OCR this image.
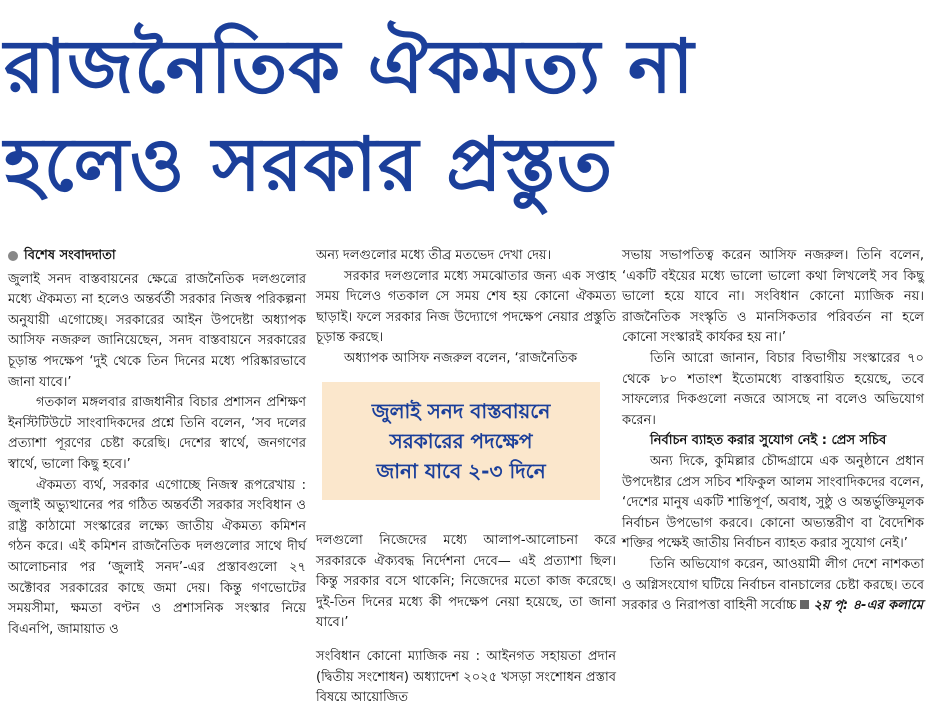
রাজনৈতিক ঐকমত্য না
হলেও সরকার প্রস্তুত

বিশেষ সংবাদদাতা

জুলাই সনদ বাস্তবায়নের ক্ষেত্রে রাজনৈতিক দলগুলোর মধ্যে ঐকমত্য না হলেও অন্তর্বর্তী সরকার নিজস্ব পরিকল্পনা অনুযায়ী এগোচ্ছে। সরকারের আইন উপদেষ্টা অধ্যাপক আসিফ নজরুল জানিয়েছেন, সনদ বাস্তবায়নে সরকারের চূড়ান্ত পদক্ষেপ ‘দুই থেকে তিন দিনের মধ্যে পরিষ্কারভাবে জানা যাবে।’

গতকাল মঙ্গলবার রাজধানীর বিচার প্রশাসন প্রশিক্ষণ ইনস্টিটিউটে সাংবাদিকদের প্রশ্নে তিনি বলেন, ‘সব দলের প্রত্যাশা পূরণের চেষ্টা করেছি। দেশের স্বার্থে, জনগণের স্বার্থে, ভালো কিছু হবে।’

ঐকমত্য ব্যর্থ, সরকার এগোচ্ছে নিজস্ব রূপরেখায় : জুলাই অভ্যুত্থানের পর গঠিত অন্তর্বর্তী সরকার সংবিধান ও রাষ্ট্র কাঠামো সংস্কারের লক্ষ্যে জাতীয় ঐকমত্য কমিশন গঠন করে। এই কমিশন রাজনৈতিক দলগুলোর সাথে দীর্ঘ আলোচনার পর ‘জুলাই সনদ’-এর প্রস্তাবগুলো ২৭ অক্টোবর সরকারের কাছে জমা দেয়। কিন্তু গণভোটের সময়সীমা, ক্ষমতা বণ্টন ও প্রশাসনিক সংস্কার নিয়ে বিএনপি, জামায়াত ও

অন্য দলগুলোর মধ্যে তীব্র মতভেদ দেখা দেয়।

সরকার দলগুলোর মধ্যে সমঝোতার জন্য এক সপ্তাহ সময় দিলেও গতকাল সে সময় শেষ হয় কোনো ঐকমত্য ছাড়াই। ফলে সরকার নিজ উদ্যোগে পদক্ষেপ নেয়ার প্রস্তুতি চূড়ান্ত করছে।

অধ্যাপক আসিফ নজরুল বলেন, ‘রাজনৈতিক

জুলাই সনদ বাস্তবায়নে
সরকারের পদক্ষেপ
জানা যাবে ২-৩ দিনে

দলগুলো নিজেদের মধ্যে আলাপ-আলোচনা করে সরকারকে ঐক্যবদ্ধ নির্দেশনা দেবে— এই প্রত্যাশা ছিল। কিন্তু সরকার বসে থাকেনি; নিজেদের মতো কাজ করেছে। দুই-তিন দিনের মধ্যে কী পদক্ষেপ নেয়া হয়েছে, তা জানা যাবে।’

সংবিধান কোনো ম্যাজিক নয় : আইনগত সহায়তা প্রদান (দ্বিতীয় সংশোধন) অধ্যাদেশ ২০২৫ খসড়া সংশোধন প্রস্তাব বিষয়ে আয়োজিত

সভায় সভাপতিত্ব করেন আসিফ নজরুল। তিনি বলেন, ‘একটি বইয়ের মধ্যে ভালো ভালো কথা লিখলেই সব কিছু ভালো হয়ে যাবে না। সংবিধান কোনো ম্যাজিক নয়। রাজনৈতিক সংস্কৃতি ও মানসিকতার পরিবর্তন না হলে কোনো সংস্কারই কার্যকর হয় না।’

তিনি আরো জানান, বিচার বিভাগীয় সংস্কারের ৭০ থেকে ৮০ শতাংশ ইতোমধ্যে বাস্তবায়িত হয়েছে, তবে সাফল্যের দিকগুলো নজরে আসছে না বলেও অভিযোগ করেন।

নির্বাচন ব্যাহত করার সুযোগ নেই : প্রেস সচিব

অন্য দিকে, কুমিল্লার চৌদ্দগ্রামে এক অনুষ্ঠানে প্রধান উপদেষ্টার প্রেস সচিব শফিকুল আলম সাংবাদিকদের বলেন, ‘দেশের মানুষ একটি শান্তিপূর্ণ, অবাধ, সুষ্ঠু ও অন্তর্ভুক্তিমূলক নির্বাচন উপভোগ করবে। কোনো অভ্যন্তরীণ বা বৈদেশিক শক্তির পক্ষেই জাতীয় নির্বাচন ব্যাহত করার সুযোগ নেই।’

তিনি অভিযোগ করেন, আওয়ামী লীগ দেশে নাশকতা ও অগ্নিসংযোগ ঘটিয়ে নির্বাচন বানচালের চেষ্টা করছে। তবে সরকার ও নিরাপত্তা বাহিনী সর্বোচ্চ ২য় পৃ: ৪-এর কলামে
